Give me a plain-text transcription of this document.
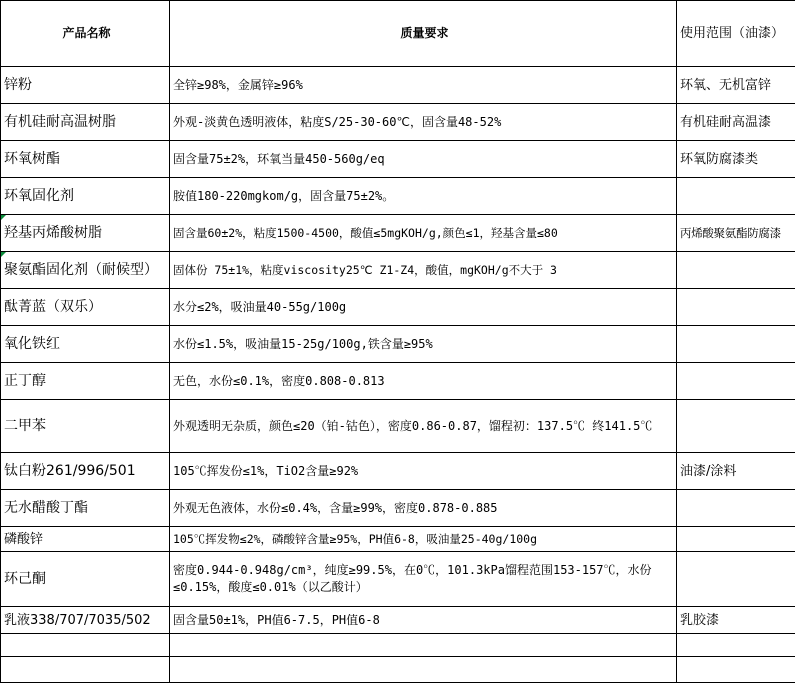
产品名称	质量要求	使用范围（油漆）
锌粉	全锌≥98%，金属锌≥96%	环氧、无机富锌
有机硅耐高温树脂	外观-淡黄色透明液体，粘度S/25-30-60℃，固含量48-52%	有机硅耐高温漆
环氧树酯	固含量75±2%，环氧当量450-560g/eq	环氧防腐漆类
环氧固化剂	胺值180-220mgkom/g，固含量75±2%。	
羟基丙烯酸树脂	固含量60±2%，粘度1500-4500，酸值≤5mgKOH/g,颜色≤1，羟基含量≤80	丙烯酸聚氨酯防腐漆
聚氨酯固化剂（耐候型）	固体份 75±1%，粘度viscosity25℃ Z1-Z4，酸值，mgKOH/g不大于 3	
酞菁蓝（双乐）	水分≤2%，吸油量40-55g/100g	
氧化铁红	水份≤1.5%，吸油量15-25g/100g,铁含量≥95%	
正丁醇	无色，水份≤0.1%，密度0.808-0.813	
二甲苯	外观透明无杂质，颜色≤20（铂-钴色），密度0.86-0.87，馏程初：137.5℃ 终141.5℃	
钛白粉261/996/501	105℃挥发份≤1%，TiO2含量≥92%	油漆/涂料
无水醋酸丁酯	外观无色液体，水份≤0.4%，含量≥99%，密度0.878-0.885	
磷酸锌	105℃挥发物≤2%，磷酸锌含量≥95%，PH值6-8，吸油量25-40g/100g	
环己酮	密度0.944-0.948g/cm³，纯度≥99.5%，在0℃，101.3kPa馏程范围153-157℃，水份≤0.15%，酸度≤0.01%（以乙酸计）	
乳液338/707/7035/502	固含量50±1%，PH值6-7.5，PH值6-8	乳胶漆
